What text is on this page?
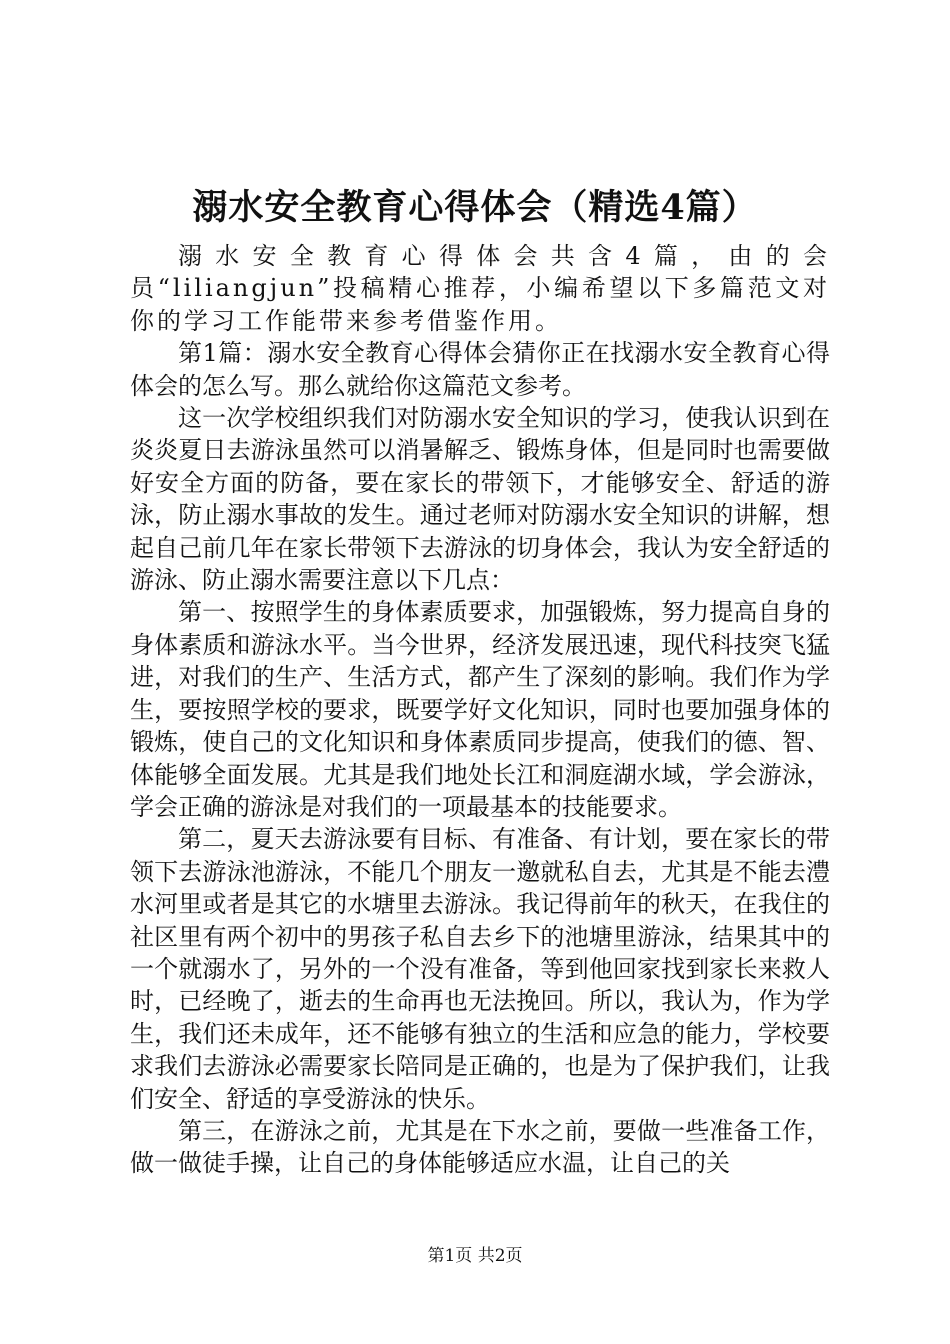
溺水安全教育心得体会（精选4篇）

溺水安全教育心得体会共含4篇，由的会员“liliangjun”投稿精心推荐，小编希望以下多篇范文对你的学习工作能带来参考借鉴作用。

第1篇：溺水安全教育心得体会猜你正在找溺水安全教育心得体会的怎么写。那么就给你这篇范文参考。

这一次学校组织我们对防溺水安全知识的学习，使我认识到在炎炎夏日去游泳虽然可以消暑解乏、锻炼身体，但是同时也需要做好安全方面的防备，要在家长的带领下，才能够安全、舒适的游泳，防止溺水事故的发生。通过老师对防溺水安全知识的讲解，想起自己前几年在家长带领下去游泳的切身体会，我认为安全舒适的游泳、防止溺水需要注意以下几点：

第一、按照学生的身体素质要求，加强锻炼，努力提高自身的身体素质和游泳水平。当今世界，经济发展迅速，现代科技突飞猛进，对我们的生产、生活方式，都产生了深刻的影响。我们作为学生，要按照学校的要求，既要学好文化知识，同时也要加强身体的锻炼，使自己的文化知识和身体素质同步提高，使我们的德、智、体能够全面发展。尤其是我们地处长江和洞庭湖水域，学会游泳，学会正确的游泳是对我们的一项最基本的技能要求。

第二，夏天去游泳要有目标、有准备、有计划，要在家长的带领下去游泳池游泳，不能几个朋友一邀就私自去，尤其是不能去澧水河里或者是其它的水塘里去游泳。我记得前年的秋天，在我住的社区里有两个初中的男孩子私自去乡下的池塘里游泳，结果其中的一个就溺水了，另外的一个没有准备，等到他回家找到家长来救人时，已经晚了，逝去的生命再也无法挽回。所以，我认为，作为学生，我们还未成年，还不能够有独立的生活和应急的能力，学校要求我们去游泳必需要家长陪同是正确的，也是为了保护我们，让我们安全、舒适的享受游泳的快乐。

第三，在游泳之前，尤其是在下水之前，要做一些准备工作，做一做徒手操，让自己的身体能够适应水温，让自己的关

第1页 共2页
